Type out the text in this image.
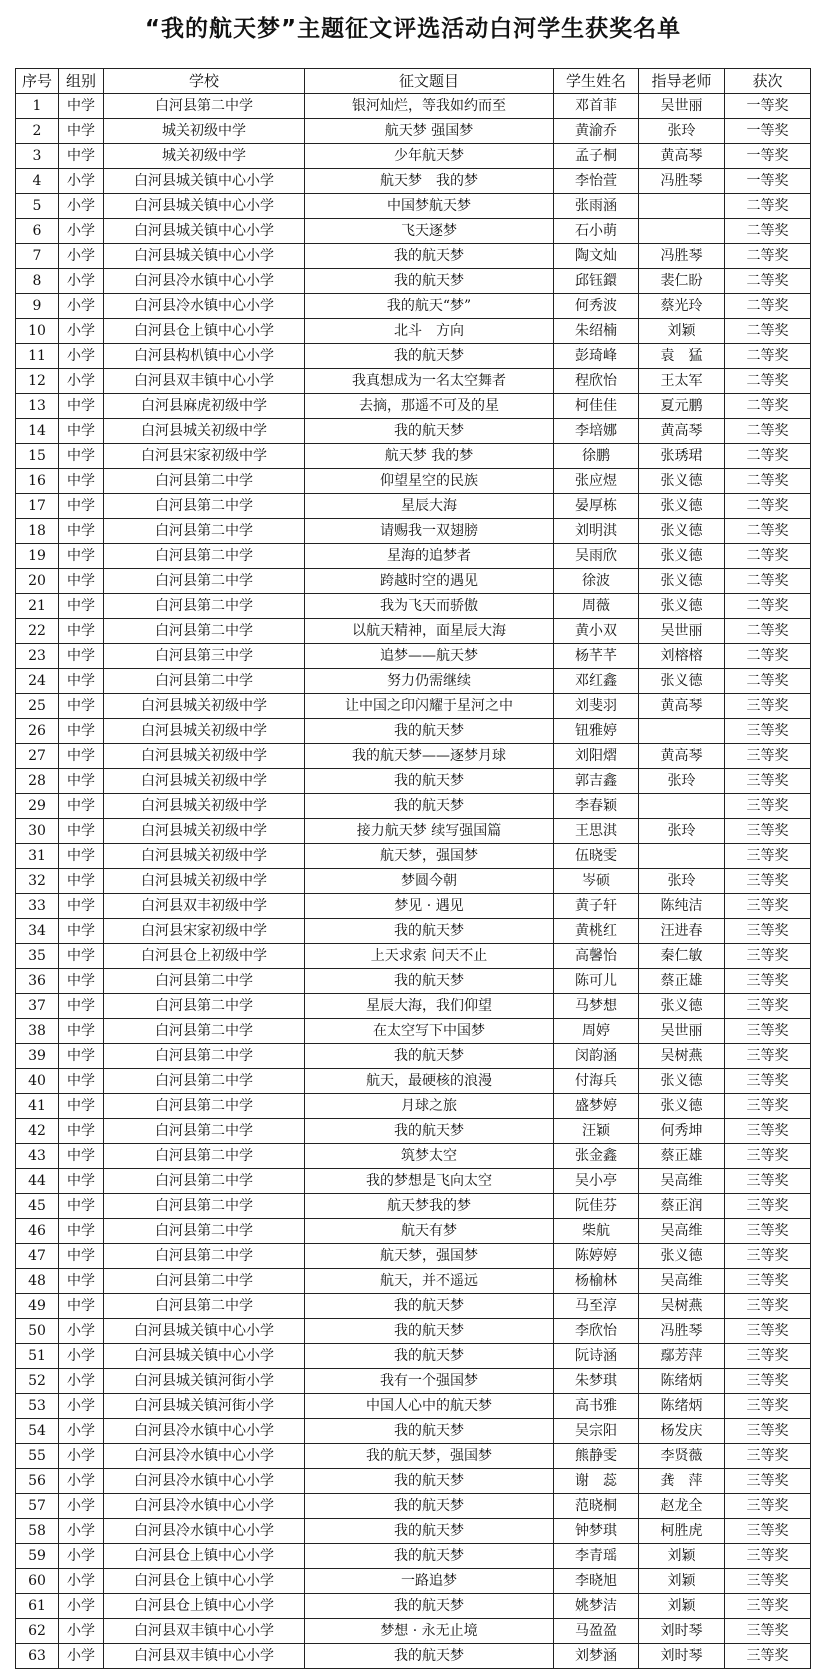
“我的航天梦”主题征文评选活动白河学生获奖名单
序号	组别	学校	征文题目	学生姓名	指导老师	获次
1	中学	白河县第二中学	银河灿烂，等我如约而至	邓首菲	吴世丽	一等奖
2	中学	城关初级中学	航天梦 强国梦	黄渝乔	张玲	一等奖
3	中学	城关初级中学	少年航天梦	孟子桐	黄高琴	一等奖
4	小学	白河县城关镇中心小学	航天梦　我的梦	李怡萱	冯胜琴	一等奖
5	小学	白河县城关镇中心小学	中国梦航天梦	张雨涵		二等奖
6	小学	白河县城关镇中心小学	飞天逐梦	石小萌		二等奖
7	小学	白河县城关镇中心小学	我的航天梦	陶文灿	冯胜琴	二等奖
8	小学	白河县冷水镇中心小学	我的航天梦	邱钰鐶	裴仁盼	二等奖
9	小学	白河县冷水镇中心小学	我的航天“梦”	何秀波	蔡光玲	二等奖
10	小学	白河县仓上镇中心小学	北斗　方向	朱绍楠	刘颖	二等奖
11	小学	白河县构朳镇中心小学	我的航天梦	彭琦峰	袁　猛	二等奖
12	小学	白河县双丰镇中心小学	我真想成为一名太空舞者	程欣怡	王太军	二等奖
13	中学	白河县麻虎初级中学	去摘，那遥不可及的星	柯佳佳	夏元鹏	二等奖
14	中学	白河县城关初级中学	我的航天梦	李培娜	黄高琴	二等奖
15	中学	白河县宋家初级中学	航天梦 我的梦	徐鹏	张琇珺	二等奖
16	中学	白河县第二中学	仰望星空的民族	张应煜	张义德	二等奖
17	中学	白河县第二中学	星辰大海	晏厚栋	张义德	二等奖
18	中学	白河县第二中学	请赐我一双翅膀	刘明淇	张义德	二等奖
19	中学	白河县第二中学	星海的追梦者	吴雨欣	张义德	二等奖
20	中学	白河县第二中学	跨越时空的遇见	徐波	张义德	二等奖
21	中学	白河县第二中学	我为飞天而骄傲	周薇	张义德	二等奖
22	中学	白河县第二中学	以航天精神，面星辰大海	黄小双	吴世丽	二等奖
23	中学	白河县第三中学	追梦——航天梦	杨芊芊	刘榕榕	二等奖
24	中学	白河县第二中学	努力仍需继续	邓红鑫	张义德	二等奖
25	中学	白河县城关初级中学	让中国之印闪耀于星河之中	刘斐羽	黄高琴	三等奖
26	中学	白河县城关初级中学	我的航天梦	钮雅婷		三等奖
27	中学	白河县城关初级中学	我的航天梦——逐梦月球	刘阳熠	黄高琴	三等奖
28	中学	白河县城关初级中学	我的航天梦	郭吉鑫	张玲	三等奖
29	中学	白河县城关初级中学	我的航天梦	李春颖		三等奖
30	中学	白河县城关初级中学	接力航天梦 续写强国篇	王思淇	张玲	三等奖
31	中学	白河县城关初级中学	航天梦，强国梦	伍晓雯		三等奖
32	中学	白河县城关初级中学	梦圆今朝	岑硕	张玲	三等奖
33	中学	白河县双丰初级中学	梦见 · 遇见	黄子轩	陈纯洁	三等奖
34	中学	白河县宋家初级中学	我的航天梦	黄桃红	汪进春	三等奖
35	中学	白河县仓上初级中学	上天求索 问天不止	高馨怡	秦仁敏	三等奖
36	中学	白河县第二中学	我的航天梦	陈可儿	蔡正雄	三等奖
37	中学	白河县第二中学	星辰大海，我们仰望	马梦想	张义德	三等奖
38	中学	白河县第二中学	在太空写下中国梦	周婷	吴世丽	三等奖
39	中学	白河县第二中学	我的航天梦	闵韵涵	吴树燕	三等奖
40	中学	白河县第二中学	航天，最硬核的浪漫	付海兵	张义德	三等奖
41	中学	白河县第二中学	月球之旅	盛梦婷	张义德	三等奖
42	中学	白河县第二中学	我的航天梦	汪颖	何秀坤	三等奖
43	中学	白河县第二中学	筑梦太空	张金鑫	蔡正雄	三等奖
44	中学	白河县第二中学	我的梦想是飞向太空	吴小亭	吴高维	三等奖
45	中学	白河县第二中学	航天梦我的梦	阮佳芬	蔡正润	三等奖
46	中学	白河县第二中学	航天有梦	柴航	吴高维	三等奖
47	中学	白河县第二中学	航天梦，强国梦	陈婷婷	张义德	三等奖
48	中学	白河县第二中学	航天，并不遥远	杨榆林	吴高维	三等奖
49	中学	白河县第二中学	我的航天梦	马至淳	吴树燕	三等奖
50	小学	白河县城关镇中心小学	我的航天梦	李欣怡	冯胜琴	三等奖
51	小学	白河县城关镇中心小学	我的航天梦	阮诗涵	鄢芳萍	三等奖
52	小学	白河县城关镇河街小学	我有一个强国梦	朱梦琪	陈绪炳	三等奖
53	小学	白河县城关镇河街小学	中国人心中的航天梦	高书雅	陈绪炳	三等奖
54	小学	白河县冷水镇中心小学	我的航天梦	吴宗阳	杨发庆	三等奖
55	小学	白河县冷水镇中心小学	我的航天梦，强国梦	熊静雯	李贤薇	三等奖
56	小学	白河县冷水镇中心小学	我的航天梦	谢　蕊	龚　萍	三等奖
57	小学	白河县冷水镇中心小学	我的航天梦	范晓桐	赵龙全	三等奖
58	小学	白河县冷水镇中心小学	我的航天梦	钟梦琪	柯胜虎	三等奖
59	小学	白河县仓上镇中心小学	我的航天梦	李青瑶	刘颖	三等奖
60	小学	白河县仓上镇中心小学	一路追梦	李晓旭	刘颖	三等奖
61	小学	白河县仓上镇中心小学	我的航天梦	姚梦洁	刘颖	三等奖
62	小学	白河县双丰镇中心小学	梦想 · 永无止境	马盈盈	刘时琴	三等奖
63	小学	白河县双丰镇中心小学	我的航天梦	刘梦涵	刘时琴	三等奖
